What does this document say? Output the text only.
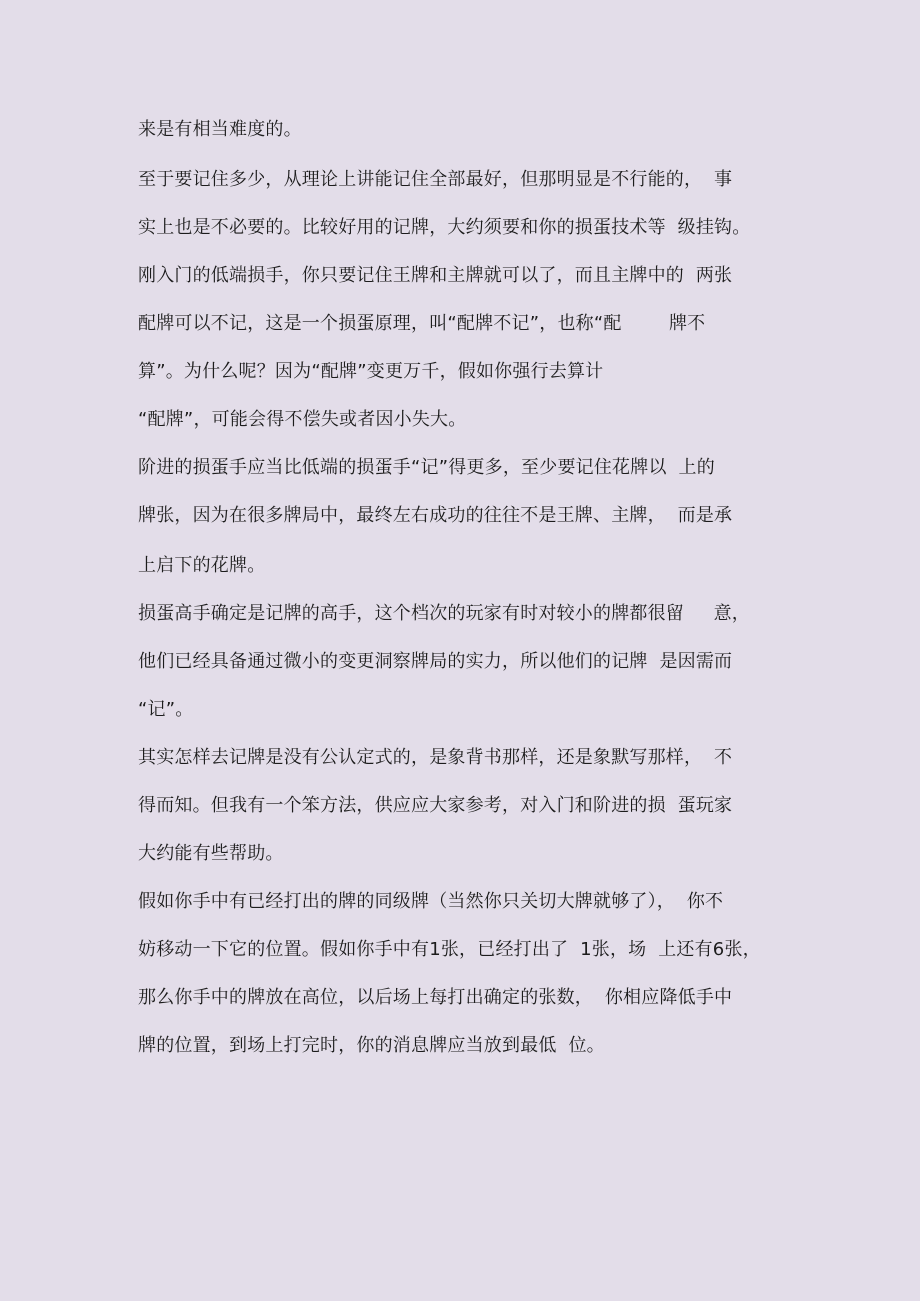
来是有相当难度的。
至于要记住多少，从理论上讲能记住全部最好，但那明显是不行能的，  事
实上也是不必要的。比较好用的记牌，大约须要和你的损蛋技术等  级挂钩。
刚入门的低端损手，你只要记住王牌和主牌就可以了，而且主牌中的  两张
配牌可以不记，这是一个损蛋原理，叫“配牌不记”，也称“配        牌不
算”。为什么呢？因为“配牌”变更万千，假如你强行去算计
“配牌”，可能会得不偿失或者因小失大。
阶进的损蛋手应当比低端的损蛋手“记”得更多，至少要记住花牌以  上的
牌张，因为在很多牌局中，最终左右成功的往往不是王牌、主牌，  而是承
上启下的花牌。
损蛋高手确定是记牌的高手，这个档次的玩家有时对较小的牌都很留     意，
他们已经具备通过微小的变更洞察牌局的实力，所以他们的记牌  是因需而
“记”。
其实怎样去记牌是没有公认定式的，是象背书那样，还是象默写那样，  不
得而知。但我有一个笨方法，供应应大家参考，对入门和阶进的损  蛋玩家
大约能有些帮助。
假如你手中有已经打出的牌的同级牌（当然你只关切大牌就够了），  你不
妨移动一下它的位置。假如你手中有1张，已经打出了  1张，场  上还有6张，
那么你手中的牌放在高位，以后场上每打出确定的张数，  你相应降低手中
牌的位置，到场上打完时，你的消息牌应当放到最低  位。
